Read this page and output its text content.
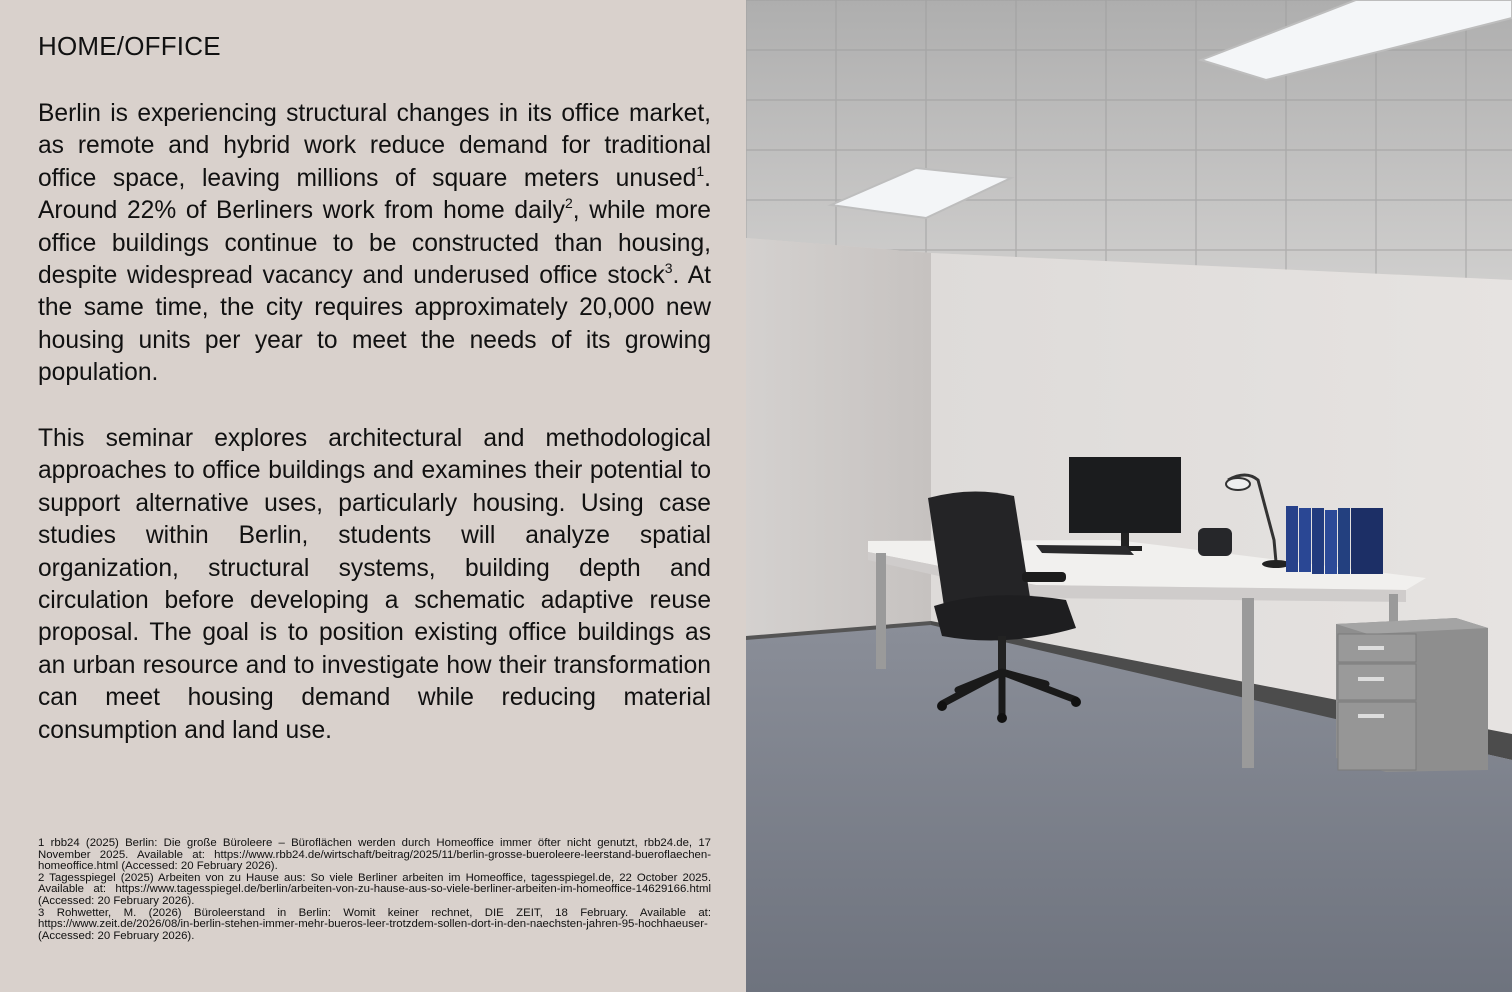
HOME/OFFICE

Berlin is experiencing structural changes in its office market, as remote and hybrid work reduce demand for traditional office space, leaving millions of square meters unused$^1$. Around 22% of Berliners work from home daily$^2$, while more office buildings continue to be constructed than housing, despite widespread vacancy and underused office stock$^3$. At the same time, the city requires approximately 20,000 new housing units per year to meet the needs of its growing population.

This seminar explores architectural and methodological approaches to office buildings and examines their potential to support alternative uses, particularly housing. Using case studies within Berlin, students will analyze spatial organization, structural systems, building depth and circulation before developing a schematic adaptive reuse proposal. The goal is to position existing office buildings as an urban resource and to investigate how their transformation can meet housing demand while reducing material consumption and land use.

1 rbb24 (2025) Berlin: Die große Büroleere – Büroflächen werden durch Homeoffice immer öfter nicht genutzt, rbb24.de, 17 November 2025. Available at: https://www.rbb24.de/wirtschaft/beitrag/2025/11/berlin-grosse-bueroleere-leerstand-bueroflaechen-homeoffice.html (Accessed: 20 February 2026).

2 Tagesspiegel (2025) Arbeiten von zu Hause aus: So viele Berliner arbeiten im Homeoffice, tagesspiegel.de, 22 October 2025. Available at: https://www.tagesspiegel.de/berlin/arbeiten-von-zu-hause-aus-so-viele-berliner-arbeiten-im-homeoffice-14629166.html (Accessed: 20 February 2026).

3 Rohwetter, M. (2026) Büroleerstand in Berlin: Womit keiner rechnet, DIE ZEIT, 18 February. Available at: https://www.zeit.de/2026/08/in-berlin-stehen-immer-mehr-bueros-leer-trotzdem-sollen-dort-in-den-naechsten-jahren-95-hochhaeuser- (Accessed: 20 February 2026).
